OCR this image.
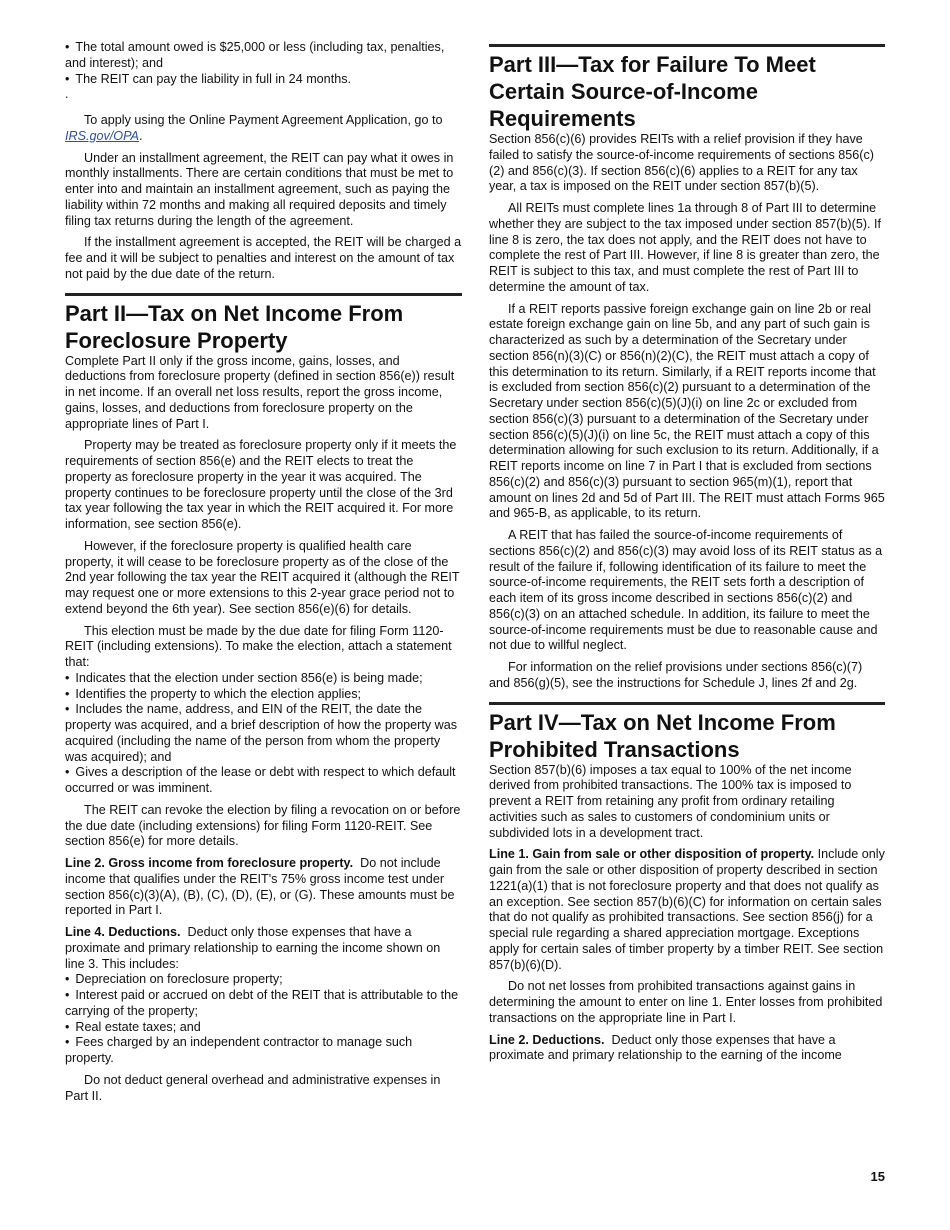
• The total amount owed is $25,000 or less (including tax, penalties, and interest); and

• The REIT can pay the liability in full in 24 months.

.

To apply using the Online Payment Agreement Application, go to IRS.gov/OPA.

Under an installment agreement, the REIT can pay what it owes in monthly installments. There are certain conditions that must be met to enter into and maintain an installment agreement, such as paying the liability within 72 months and making all required deposits and timely filing tax returns during the length of the agreement.

If the installment agreement is accepted, the REIT will be charged a fee and it will be subject to penalties and interest on the amount of tax not paid by the due date of the return.

Part II—Tax on Net Income From Foreclosure Property

Complete Part II only if the gross income, gains, losses, and deductions from foreclosure property (defined in section 856(e)) result in net income. If an overall net loss results, report the gross income, gains, losses, and deductions from foreclosure property on the appropriate lines of Part I.

Property may be treated as foreclosure property only if it meets the requirements of section 856(e) and the REIT elects to treat the property as foreclosure property in the year it was acquired. The property continues to be foreclosure property until the close of the 3rd tax year following the tax year in which the REIT acquired it. For more information, see section 856(e).

However, if the foreclosure property is qualified health care property, it will cease to be foreclosure property as of the close of the 2nd year following the tax year the REIT acquired it (although the REIT may request one or more extensions to this 2-year grace period not to extend beyond the 6th year). See section 856(e)(6) for details.

This election must be made by the due date for filing Form 1120-REIT (including extensions). To make the election, attach a statement that:

• Indicates that the election under section 856(e) is being made;

• Identifies the property to which the election applies;

• Includes the name, address, and EIN of the REIT, the date the property was acquired, and a brief description of how the property was acquired (including the name of the person from whom the property was acquired); and

• Gives a description of the lease or debt with respect to which default occurred or was imminent.

The REIT can revoke the election by filing a revocation on or before the due date (including extensions) for filing Form 1120-REIT. See section 856(e) for more details.

Line 2. Gross income from foreclosure property. Do not include income that qualifies under the REIT's 75% gross income test under section 856(c)(3)(A), (B), (C), (D), (E), or (G). These amounts must be reported in Part I.

Line 4. Deductions. Deduct only those expenses that have a proximate and primary relationship to earning the income shown on line 3. This includes:

• Depreciation on foreclosure property;

• Interest paid or accrued on debt of the REIT that is attributable to the carrying of the property;

• Real estate taxes; and

• Fees charged by an independent contractor to manage such property.

Do not deduct general overhead and administrative expenses in Part II.

Part III—Tax for Failure To Meet Certain Source-of-Income Requirements

Section 856(c)(6) provides REITs with a relief provision if they have failed to satisfy the source-of-income requirements of sections 856(c)(2) and 856(c)(3). If section 856(c)(6) applies to a REIT for any tax year, a tax is imposed on the REIT under section 857(b)(5).

All REITs must complete lines 1a through 8 of Part III to determine whether they are subject to the tax imposed under section 857(b)(5). If line 8 is zero, the tax does not apply, and the REIT does not have to complete the rest of Part III. However, if line 8 is greater than zero, the REIT is subject to this tax, and must complete the rest of Part III to determine the amount of tax.

If a REIT reports passive foreign exchange gain on line 2b or real estate foreign exchange gain on line 5b, and any part of such gain is characterized as such by a determination of the Secretary under section 856(n)(3)(C) or 856(n)(2)(C), the REIT must attach a copy of this determination to its return. Similarly, if a REIT reports income that is excluded from section 856(c)(2) pursuant to a determination of the Secretary under section 856(c)(5)(J)(i) on line 2c or excluded from section 856(c)(3) pursuant to a determination of the Secretary under section 856(c)(5)(J)(i) on line 5c, the REIT must attach a copy of this determination allowing for such exclusion to its return. Additionally, if a REIT reports income on line 7 in Part I that is excluded from sections 856(c)(2) and 856(c)(3) pursuant to section 965(m)(1), report that amount on lines 2d and 5d of Part III. The REIT must attach Forms 965 and 965-B, as applicable, to its return.

A REIT that has failed the source-of-income requirements of sections 856(c)(2) and 856(c)(3) may avoid loss of its REIT status as a result of the failure if, following identification of its failure to meet the source-of-income requirements, the REIT sets forth a description of each item of its gross income described in sections 856(c)(2) and 856(c)(3) on an attached schedule. In addition, its failure to meet the source-of-income requirements must be due to reasonable cause and not due to willful neglect.

For information on the relief provisions under sections 856(c)(7) and 856(g)(5), see the instructions for Schedule J, lines 2f and 2g.

Part IV—Tax on Net Income From Prohibited Transactions

Section 857(b)(6) imposes a tax equal to 100% of the net income derived from prohibited transactions. The 100% tax is imposed to prevent a REIT from retaining any profit from ordinary retailing activities such as sales to customers of condominium units or subdivided lots in a development tract.

Line 1. Gain from sale or other disposition of property. Include only gain from the sale or other disposition of property described in section 1221(a)(1) that is not foreclosure property and that does not qualify as an exception. See section 857(b)(6)(C) for information on certain sales that do not qualify as prohibited transactions. See section 856(j) for a special rule regarding a shared appreciation mortgage. Exceptions apply for certain sales of timber property by a timber REIT. See section 857(b)(6)(D).

Do not net losses from prohibited transactions against gains in determining the amount to enter on line 1. Enter losses from prohibited transactions on the appropriate line in Part I.

Line 2. Deductions. Deduct only those expenses that have a proximate and primary relationship to the earning of the income

15
